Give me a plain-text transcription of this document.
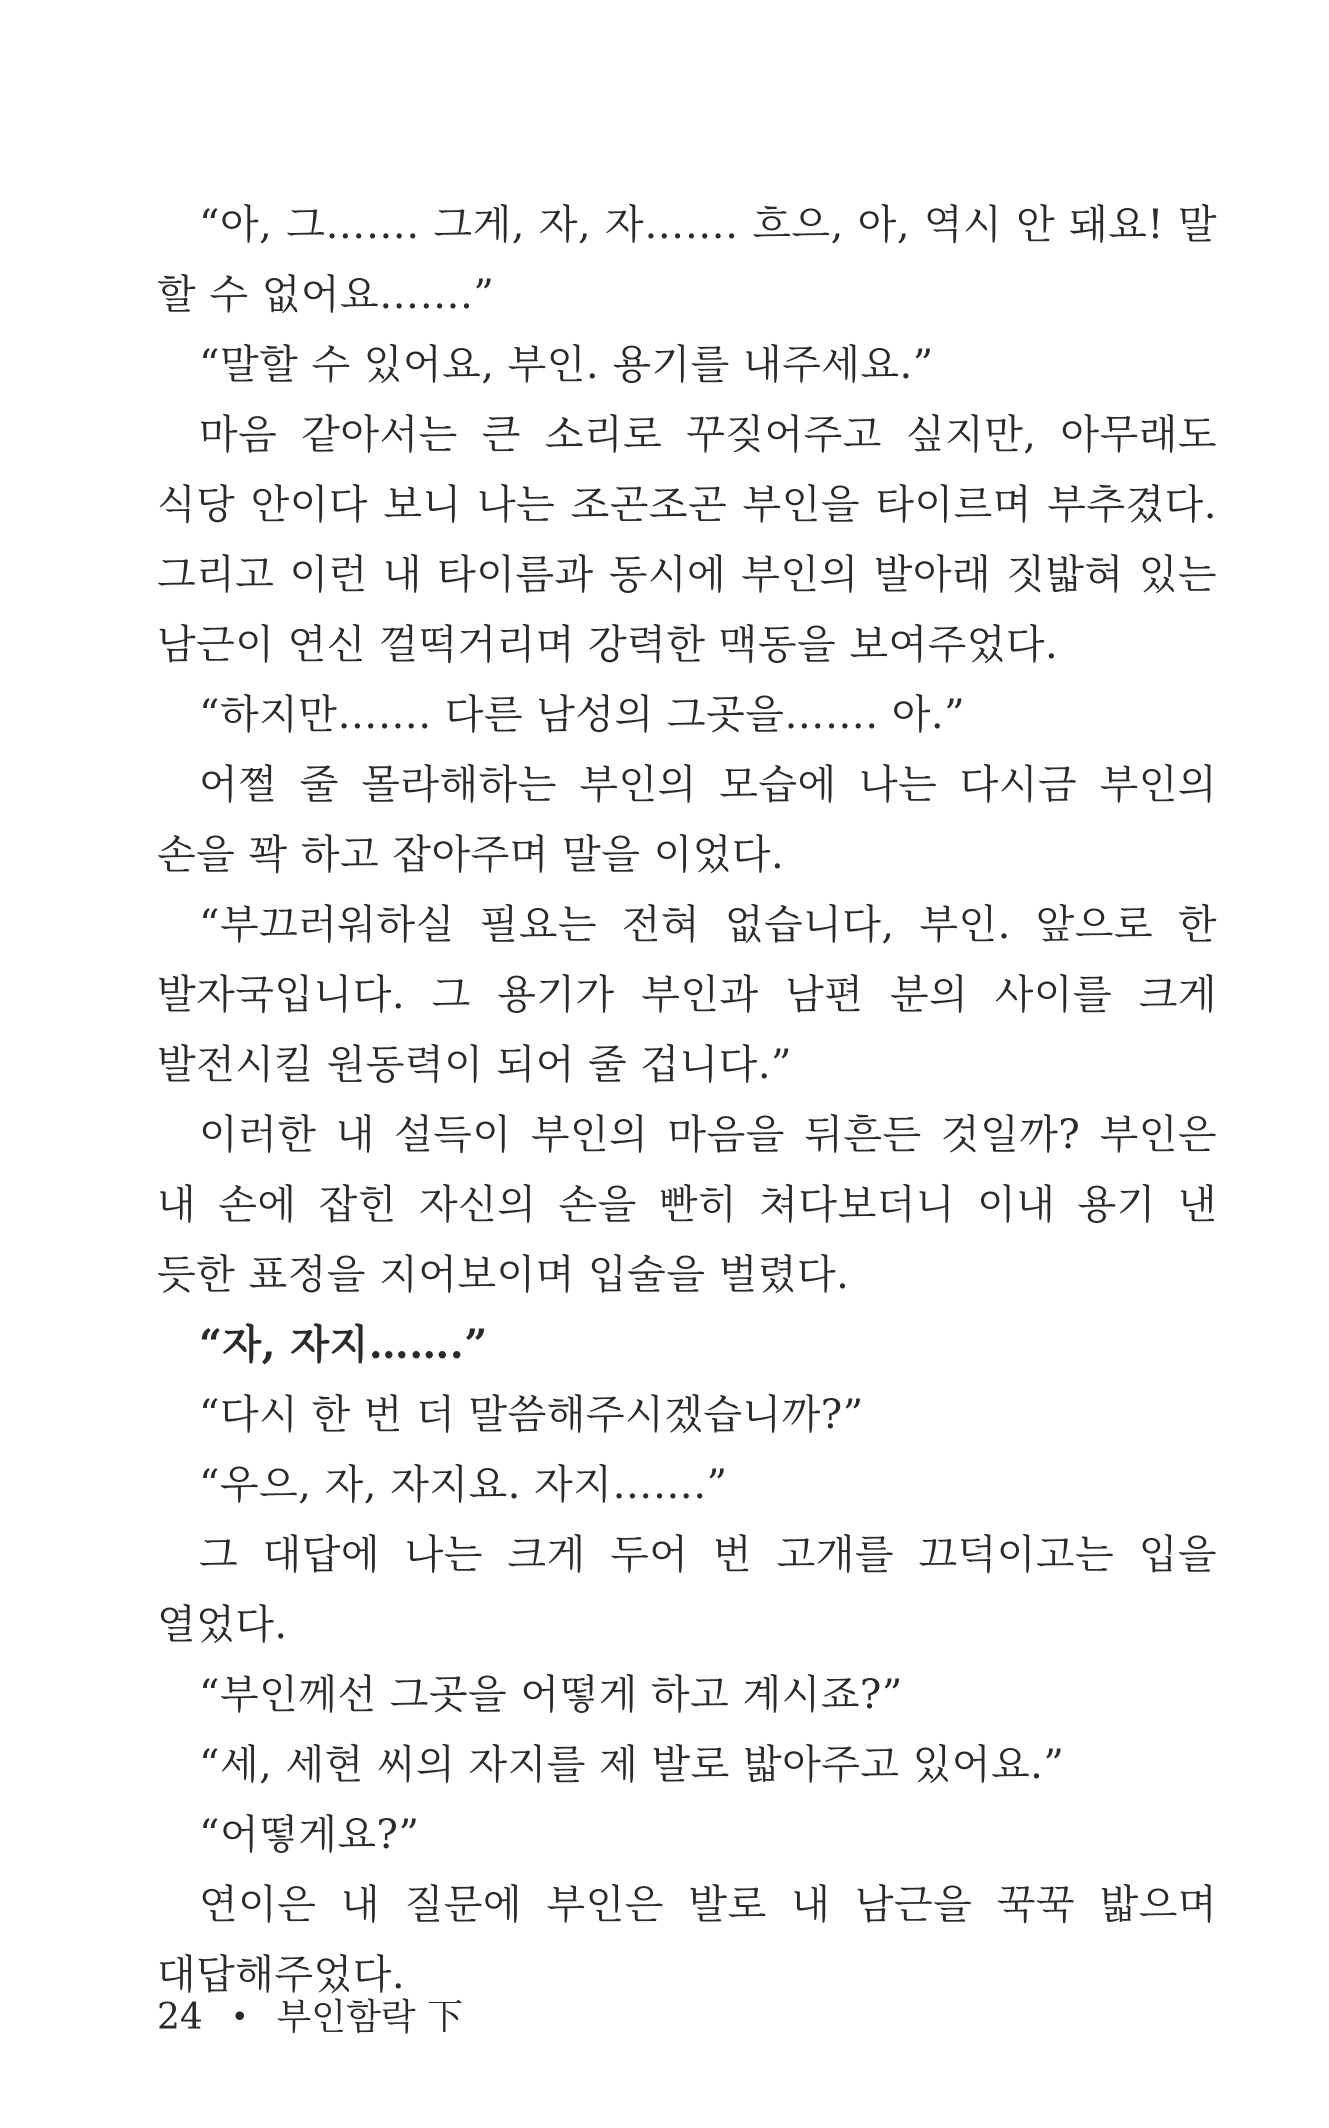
“아, 그……. 그게, 자, 자……. 흐으, 아, 역시 안 돼요! 말 할 수 없어요…….”

“말할 수 있어요, 부인. 용기를 내주세요.”

마음 같아서는 큰 소리로 꾸짖어주고 싶지만, 아무래도 식당 안이다 보니 나는 조곤조곤 부인을 타이르며 부추겼다. 그리고 이런 내 타이름과 동시에 부인의 발아래 짓밟혀 있는 남근이 연신 껄떡거리며 강력한 맥동을 보여주었다.

“하지만……. 다른 남성의 그곳을……. 아.”

어쩔 줄 몰라해하는 부인의 모습에 나는 다시금 부인의 손을 꽉 하고 잡아주며 말을 이었다.

“부끄러워하실 필요는 전혀 없습니다, 부인. 앞으로 한 발자국입니다. 그 용기가 부인과 남편 분의 사이를 크게 발전시킬 원동력이 되어 줄 겁니다.”

이러한 내 설득이 부인의 마음을 뒤흔든 것일까? 부인은 내 손에 잡힌 자신의 손을 빤히 쳐다보더니 이내 용기 낸 듯한 표정을 지어보이며 입술을 벌렸다.

“자, 자지…….”

“다시 한 번 더 말씀해주시겠습니까?”

“우으, 자, 자지요. 자지…….”

그 대답에 나는 크게 두어 번 고개를 끄덕이고는 입을 열었다.

“부인께선 그곳을 어떻게 하고 계시죠?”

“세, 세현 씨의 자지를 제 발로 밟아주고 있어요.”

“어떻게요?”

연이은 내 질문에 부인은 발로 내 남근을 꾹꾹 밟으며 대답해주었다.

24 • 부인함락 下
